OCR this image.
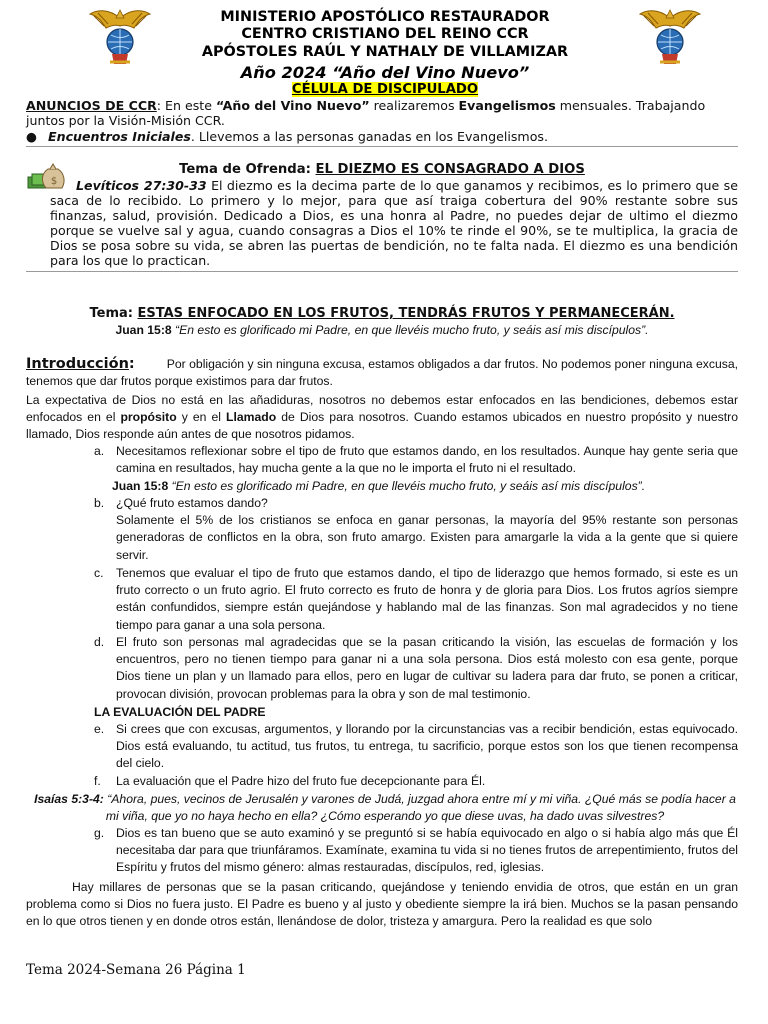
MINISTERIO APOSTÓLICO RESTAURADOR
CENTRO CRISTIANO DEL REINO CCR
APÓSTOLES RAÚL Y NATHALY DE VILLAMIZAR
Año 2024 “Año del Vino Nuevo”
CÉLULA DE DISCIPULADO
ANUNCIOS DE CCR: En este “Año del Vino Nuevo” realizaremos Evangelismos mensuales. Trabajando juntos por la Visión-Misión CCR.
● Encuentros Iniciales. Llevemos a las personas ganadas en los Evangelismos.
Tema de Ofrenda: EL DIEZMO ES CONSAGRADO A DIOS
$	Levíticos 27:30-33 El diezmo es la decima parte de lo que ganamos y recibimos, es lo primero que se saca de lo recibido. Lo primero y lo mejor, para que así traiga cobertura del 90% restante sobre sus finanzas, salud, provisión. Dedicado a Dios, es una honra al Padre, no puedes dejar de ultimo el diezmo porque se vuelve sal y agua, cuando consagras a Dios el 10% te rinde el 90%, se te multiplica, la gracia de Dios se posa sobre su vida, se abren las puertas de bendición, no te falta nada. El diezmo es una bendición para los que lo practican.
Tema: ESTAS ENFOCADO EN LOS FRUTOS, TENDRÁS FRUTOS Y PERMANECERÁN.
Juan 15:8 “En esto es glorificado mi Padre, en que llevéis mucho fruto, y seáis así mis discípulos”.
Introducción:	Por obligación y sin ninguna excusa, estamos obligados a dar frutos. No podemos poner ninguna excusa, tenemos que dar frutos porque existimos para dar frutos.
La expectativa de Dios no está en las añadiduras, nosotros no debemos estar enfocados en las bendiciones, debemos estar enfocados en el propósito y en el Llamado de Dios para nosotros. Cuando estamos ubicados en nuestro propósito y nuestro llamado, Dios responde aún antes de que nosotros pidamos.
a. Necesitamos reflexionar sobre el tipo de fruto que estamos dando, en los resultados. Aunque hay gente seria que camina en resultados, hay mucha gente a la que no le importa el fruto ni el resultado.
Juan 15:8 “En esto es glorificado mi Padre, en que llevéis mucho fruto, y seáis así mis discípulos”.
b. ¿Qué fruto estamos dando?
Solamente el 5% de los cristianos se enfoca en ganar personas, la mayoría del 95% restante son personas generadoras de conflictos en la obra, son fruto amargo. Existen para amargarle la vida a la gente que si quiere servir.
c. Tenemos que evaluar el tipo de fruto que estamos dando, el tipo de liderazgo que hemos formado, si este es un fruto correcto o un fruto agrio. El fruto correcto es fruto de honra y de gloria para Dios. Los frutos agríos siempre están confundidos, siempre están quejándose y hablando mal de las finanzas. Son mal agradecidos y no tiene tiempo para ganar a una sola persona.
d. El fruto son personas mal agradecidas que se la pasan criticando la visión, las escuelas de formación y los encuentros, pero no tienen tiempo para ganar ni a una sola persona. Dios está molesto con esa gente, porque Dios tiene un plan y un llamado para ellos, pero en lugar de cultivar su ladera para dar fruto, se ponen a criticar, provocan división, provocan problemas para la obra y son de mal testimonio.
LA EVALUACIÓN DEL PADRE
e. Si crees que con excusas, argumentos, y llorando por la circunstancias vas a recibir bendición, estas equivocado. Dios está evaluando, tu actitud, tus frutos, tu entrega, tu sacrificio, porque estos son los que tienen recompensa del cielo.
f. La evaluación que el Padre hizo del fruto fue decepcionante para Él.
Isaías 5:3-4: “Ahora, pues, vecinos de Jerusalén y varones de Judá, juzgad ahora entre mí y mi viña. ¿Qué más se podía hacer a mi viña, que yo no haya hecho en ella? ¿Cómo esperando yo que diese uvas, ha dado uvas silvestres?
g. Dios es tan bueno que se auto examinó y se preguntó si se había equivocado en algo o si había algo más que Él necesitaba dar para que triunfáramos. Examínate, examina tu vida si no tienes frutos de arrepentimiento, frutos del Espíritu y frutos del mismo género: almas restauradas, discípulos, red, iglesias.
Hay millares de personas que se la pasan criticando, quejándose y teniendo envidia de otros, que están en un gran problema como si Dios no fuera justo. El Padre es bueno y al justo y obediente siempre la irá bien. Muchos se la pasan pensando en lo que otros tienen y en donde otros están, llenándose de dolor, tristeza y amargura. Pero la realidad es que solo
Tema 2024-Semana 26 Página 1
